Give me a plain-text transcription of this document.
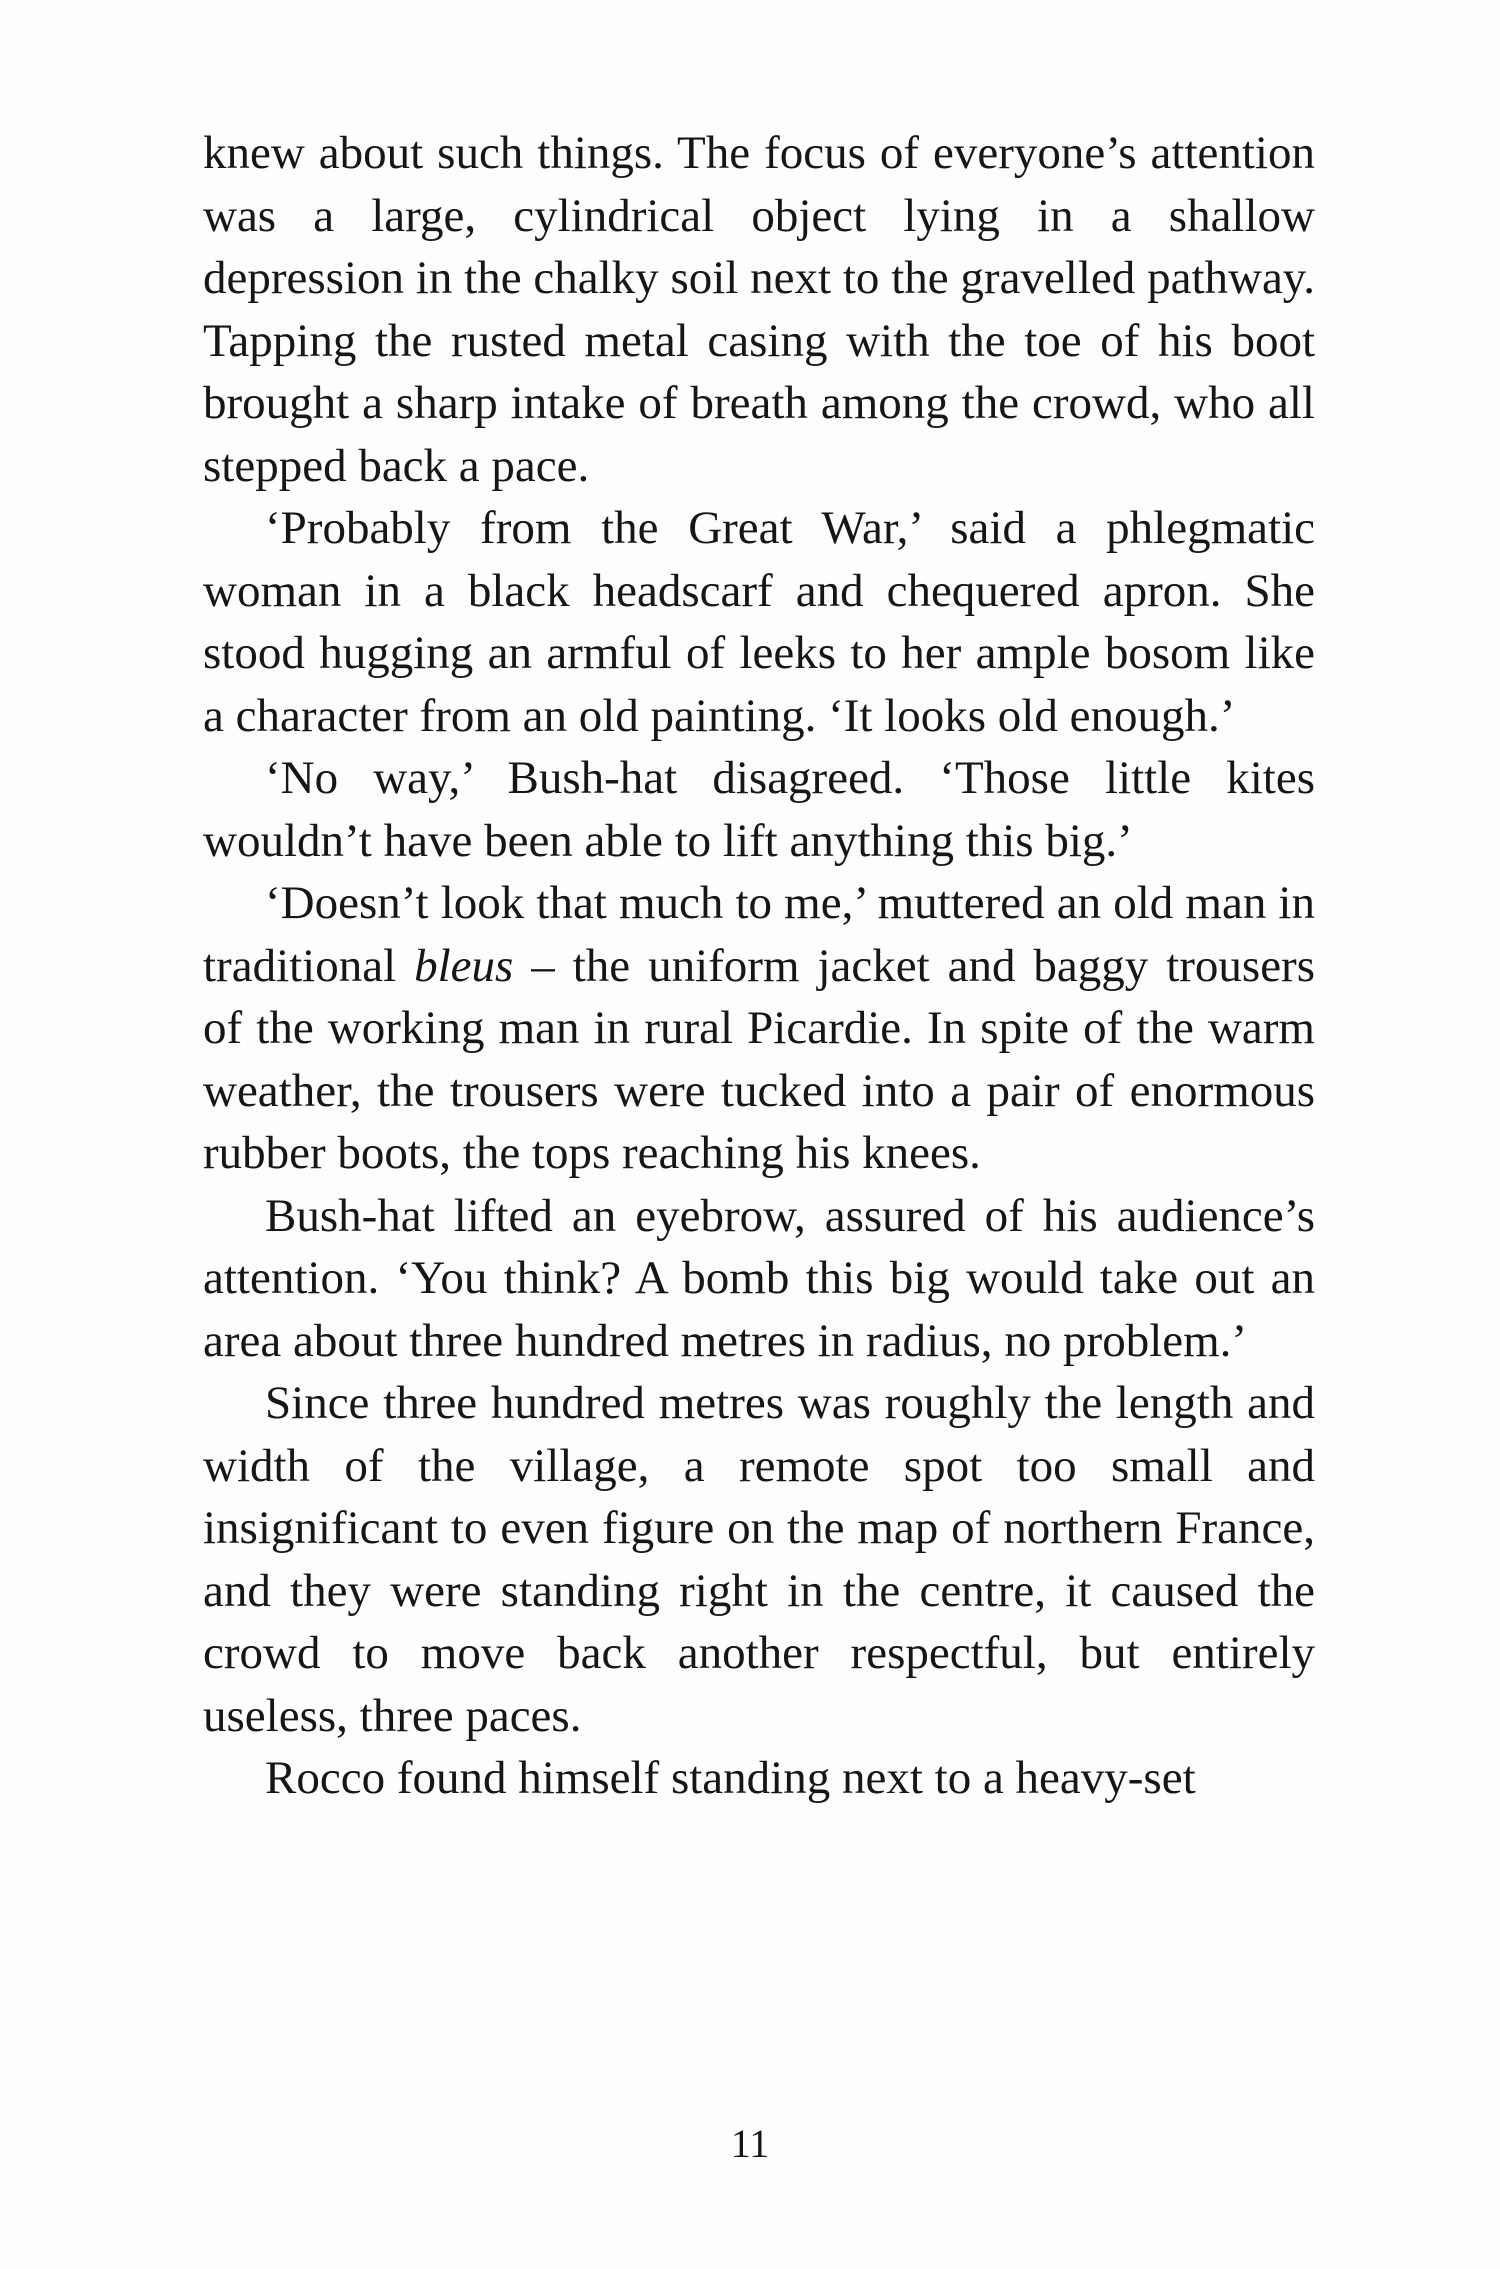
knew about such things. The focus of everyone’s attention was a large, cylindrical object lying in a shallow depression in the chalky soil next to the gravelled pathway. Tapping the rusted metal casing with the toe of his boot brought a sharp intake of breath among the crowd, who all stepped back a pace.

‘Probably from the Great War,’ said a phlegmatic woman in a black headscarf and chequered apron. She stood hugging an armful of leeks to her ample bosom like a character from an old painting. ‘It looks old enough.’

‘No way,’ Bush-hat disagreed. ‘Those little kites wouldn’t have been able to lift anything this big.’

‘Doesn’t look that much to me,’ muttered an old man in traditional bleus – the uniform jacket and baggy trousers of the working man in rural Picardie. In spite of the warm weather, the trousers were tucked into a pair of enormous rubber boots, the tops reaching his knees.

Bush-hat lifted an eyebrow, assured of his audience’s attention. ‘You think? A bomb this big would take out an area about three hundred metres in radius, no problem.’

Since three hundred metres was roughly the length and width of the village, a remote spot too small and insignificant to even figure on the map of northern France, and they were standing right in the centre, it caused the crowd to move back another respectful, but entirely useless, three paces.

Rocco found himself standing next to a heavy-set

11
